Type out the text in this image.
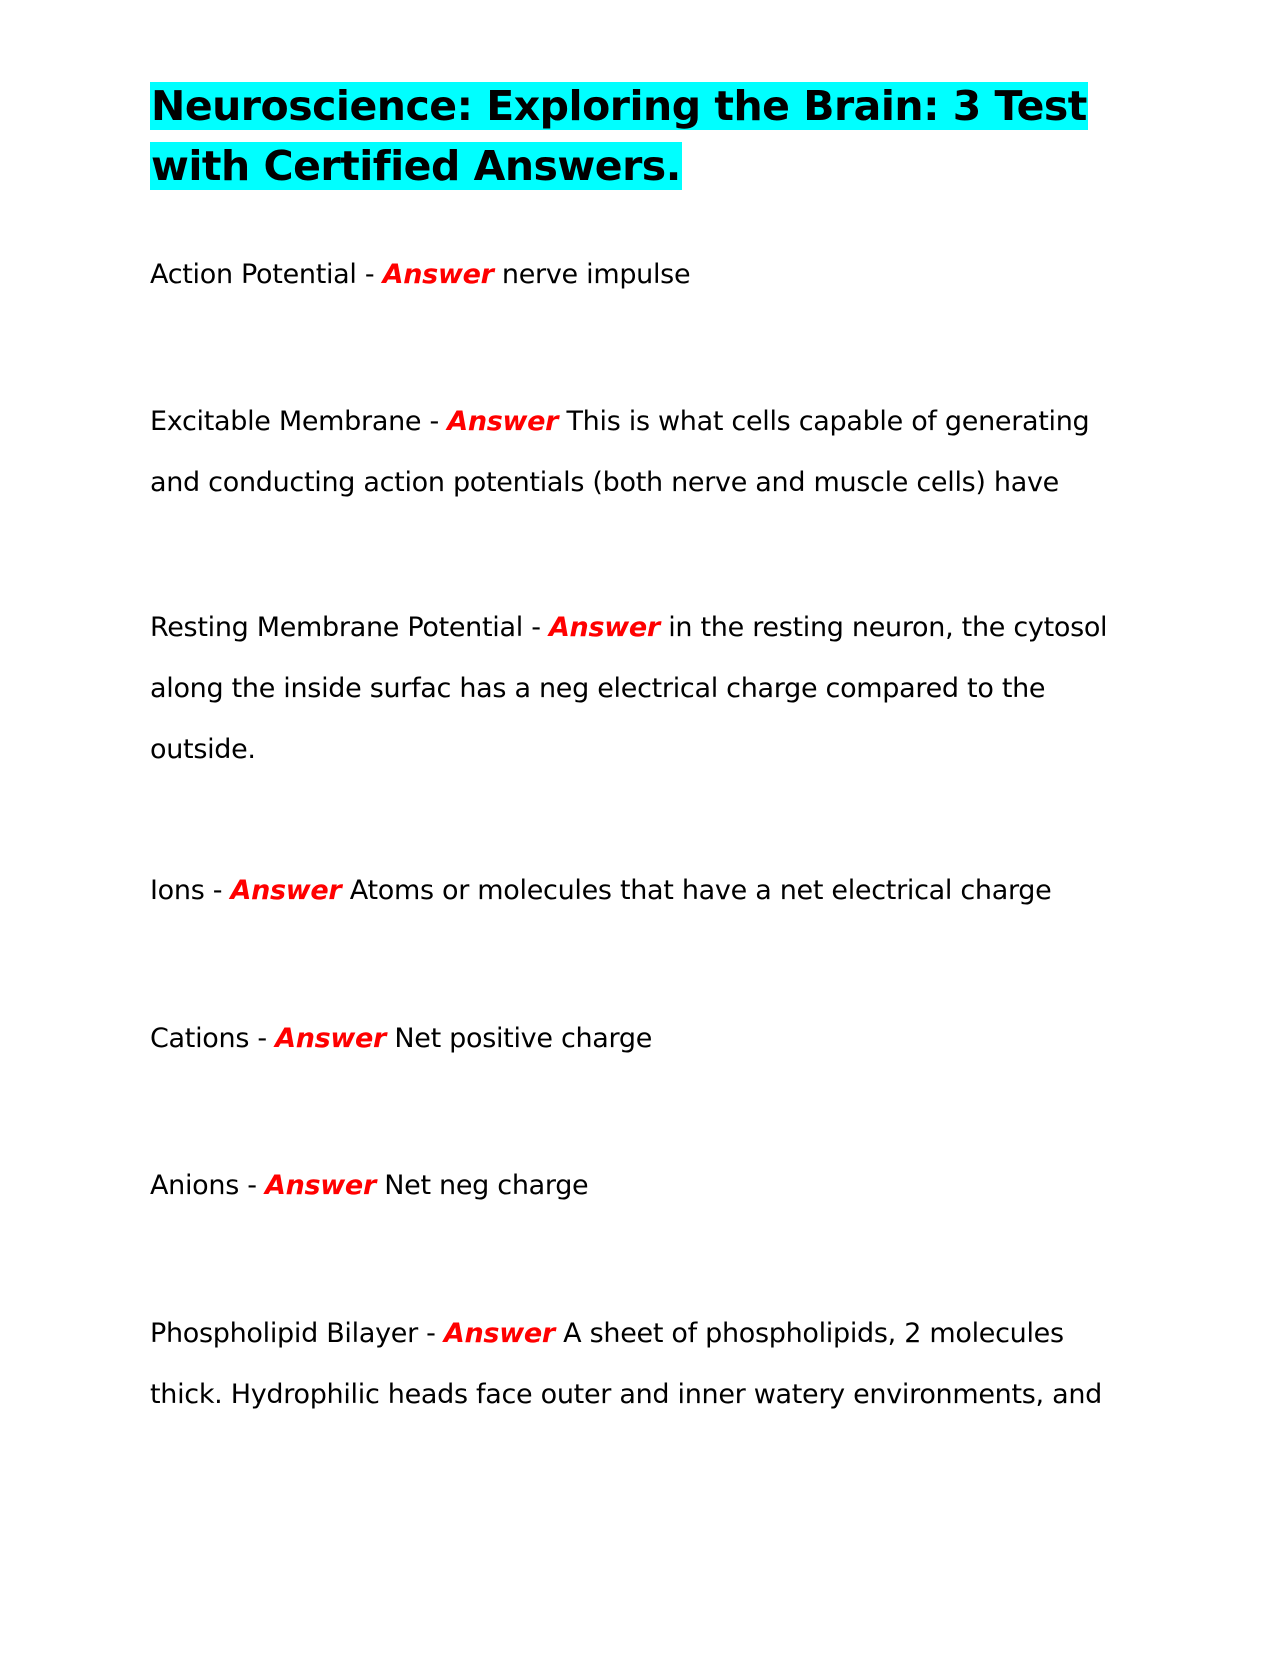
Neuroscience: Exploring the Brain: 3 Test with Certified Answers.

Action Potential - Answer nerve impulse

Excitable Membrane - Answer This is what cells capable of generating and conducting action potentials (both nerve and muscle cells) have

Resting Membrane Potential - Answer in the resting neuron, the cytosol along the inside surfac has a neg electrical charge compared to the outside.

Ions - Answer Atoms or molecules that have a net electrical charge

Cations - Answer Net positive charge

Anions - Answer Net neg charge

Phospholipid Bilayer - Answer A sheet of phospholipids, 2 molecules thick. Hydrophilic heads face outer and inner watery environments, and
